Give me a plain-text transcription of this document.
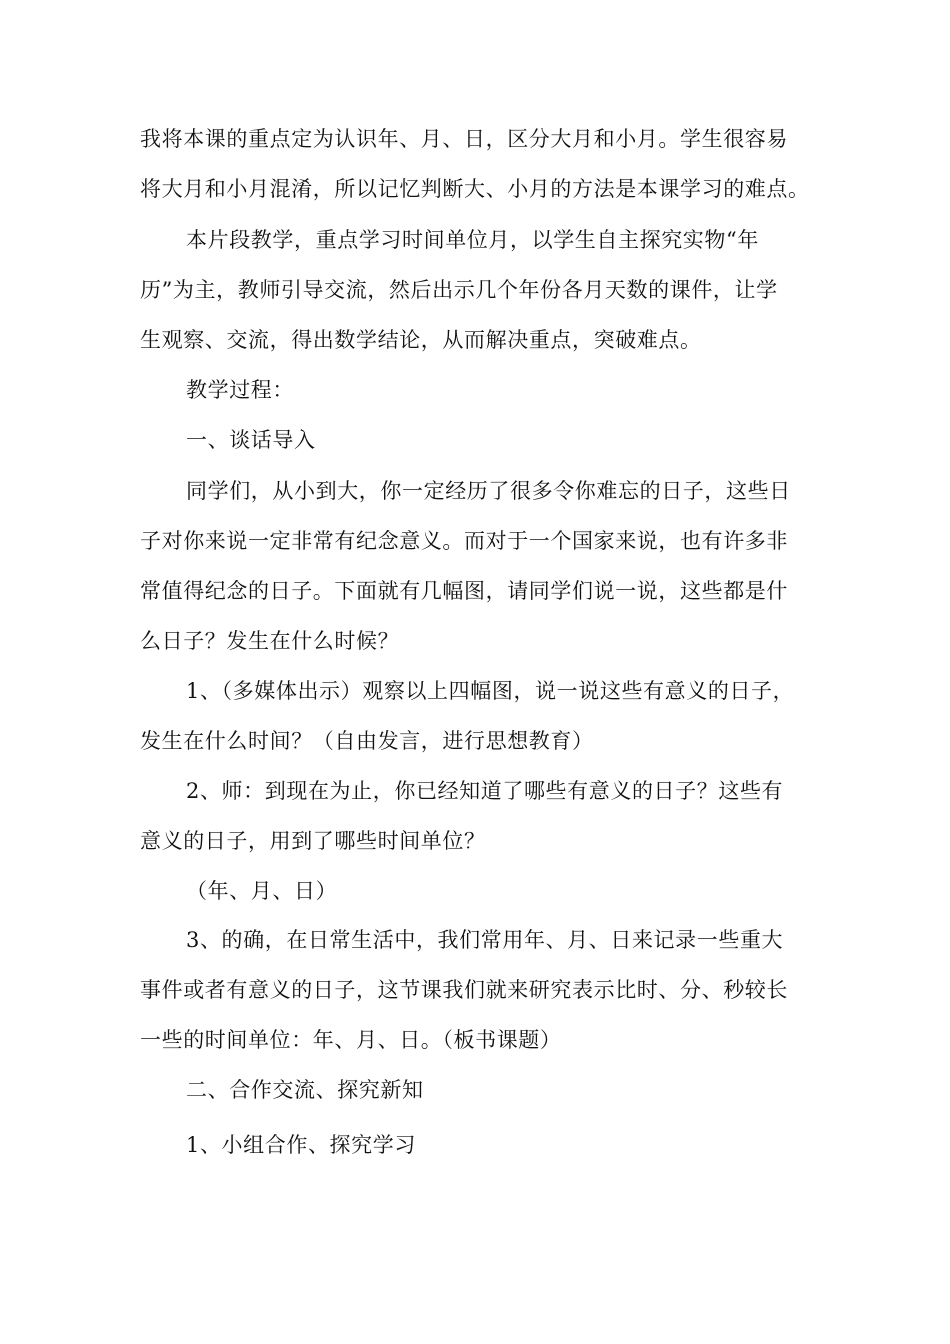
我将本课的重点定为认识年、月、日，区分大月和小月。学生很容易
将大月和小月混淆，所以记忆判断大、小月的方法是本课学习的难点。
本片段教学，重点学习时间单位月，以学生自主探究实物“年
历”为主，教师引导交流，然后出示几个年份各月天数的课件，让学
生观察、交流，得出数学结论，从而解决重点，突破难点。
教学过程：
一、谈话导入
同学们，从小到大，你一定经历了很多令你难忘的日子，这些日
子对你来说一定非常有纪念意义。而对于一个国家来说，也有许多非
常值得纪念的日子。下面就有几幅图，请同学们说一说，这些都是什
么日子？发生在什么时候？
1、（多媒体出示）观察以上四幅图，说一说这些有意义的日子，
发生在什么时间？（自由发言，进行思想教育）
2、师：到现在为止，你已经知道了哪些有意义的日子？这些有
意义的日子，用到了哪些时间单位？
（年、月、日）
3、的确，在日常生活中，我们常用年、月、日来记录一些重大
事件或者有意义的日子，这节课我们就来研究表示比时、分、秒较长
一些的时间单位：年、月、日。（板书课题）
二、合作交流、探究新知
1、小组合作、探究学习
